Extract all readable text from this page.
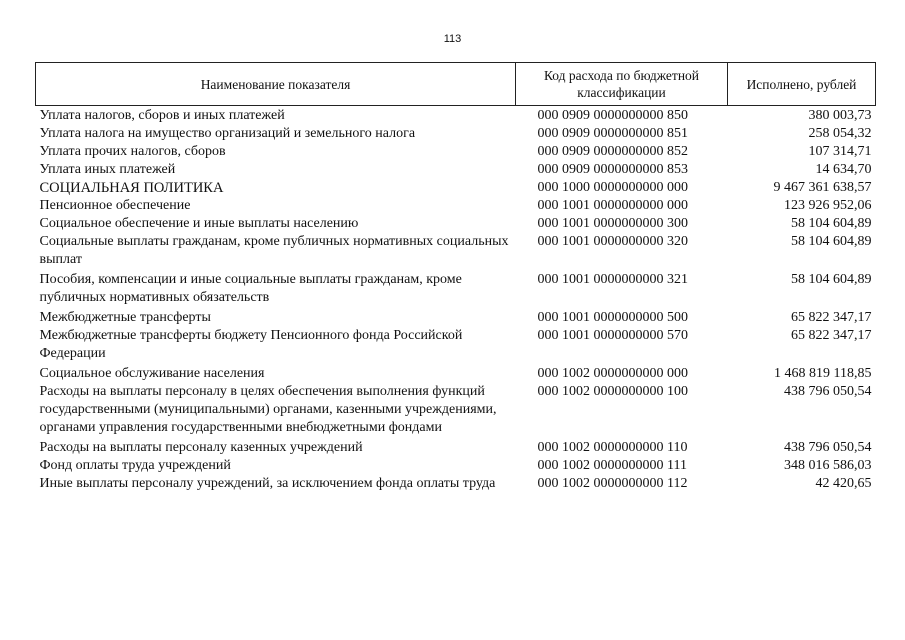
113
Наименование показателя	Код расхода по бюджетной классификации	Исполнено, рублей
Уплата налогов, сборов и иных платежей	000 0909 0000000000 850	380 003,73
Уплата налога на имущество организаций и земельного налога	000 0909 0000000000 851	258 054,32
Уплата прочих налогов, сборов	000 0909 0000000000 852	107 314,71
Уплата иных платежей	000 0909 0000000000 853	14 634,70
СОЦИАЛЬНАЯ ПОЛИТИКА	000 1000 0000000000 000	9 467 361 638,57
Пенсионное обеспечение	000 1001 0000000000 000	123 926 952,06
Социальное обеспечение и иные выплаты населению	000 1001 0000000000 300	58 104 604,89
Социальные выплаты гражданам, кроме публичных нормативных социальных выплат	000 1001 0000000000 320	58 104 604,89
Пособия, компенсации и иные социальные выплаты гражданам, кроме публичных нормативных обязательств	000 1001 0000000000 321	58 104 604,89
Межбюджетные трансферты	000 1001 0000000000 500	65 822 347,17
Межбюджетные трансферты бюджету Пенсионного фонда Российской Федерации	000 1001 0000000000 570	65 822 347,17
Социальное обслуживание населения	000 1002 0000000000 000	1 468 819 118,85
Расходы на выплаты персоналу в целях обеспечения выполнения функций государственными (муниципальными) органами, казенными учреждениями, органами управления государственными внебюджетными фондами	000 1002 0000000000 100	438 796 050,54
Расходы на выплаты персоналу казенных учреждений	000 1002 0000000000 110	438 796 050,54
Фонд оплаты труда учреждений	000 1002 0000000000 111	348 016 586,03
Иные выплаты персоналу учреждений, за исключением фонда оплаты труда	000 1002 0000000000 112	42 420,65
